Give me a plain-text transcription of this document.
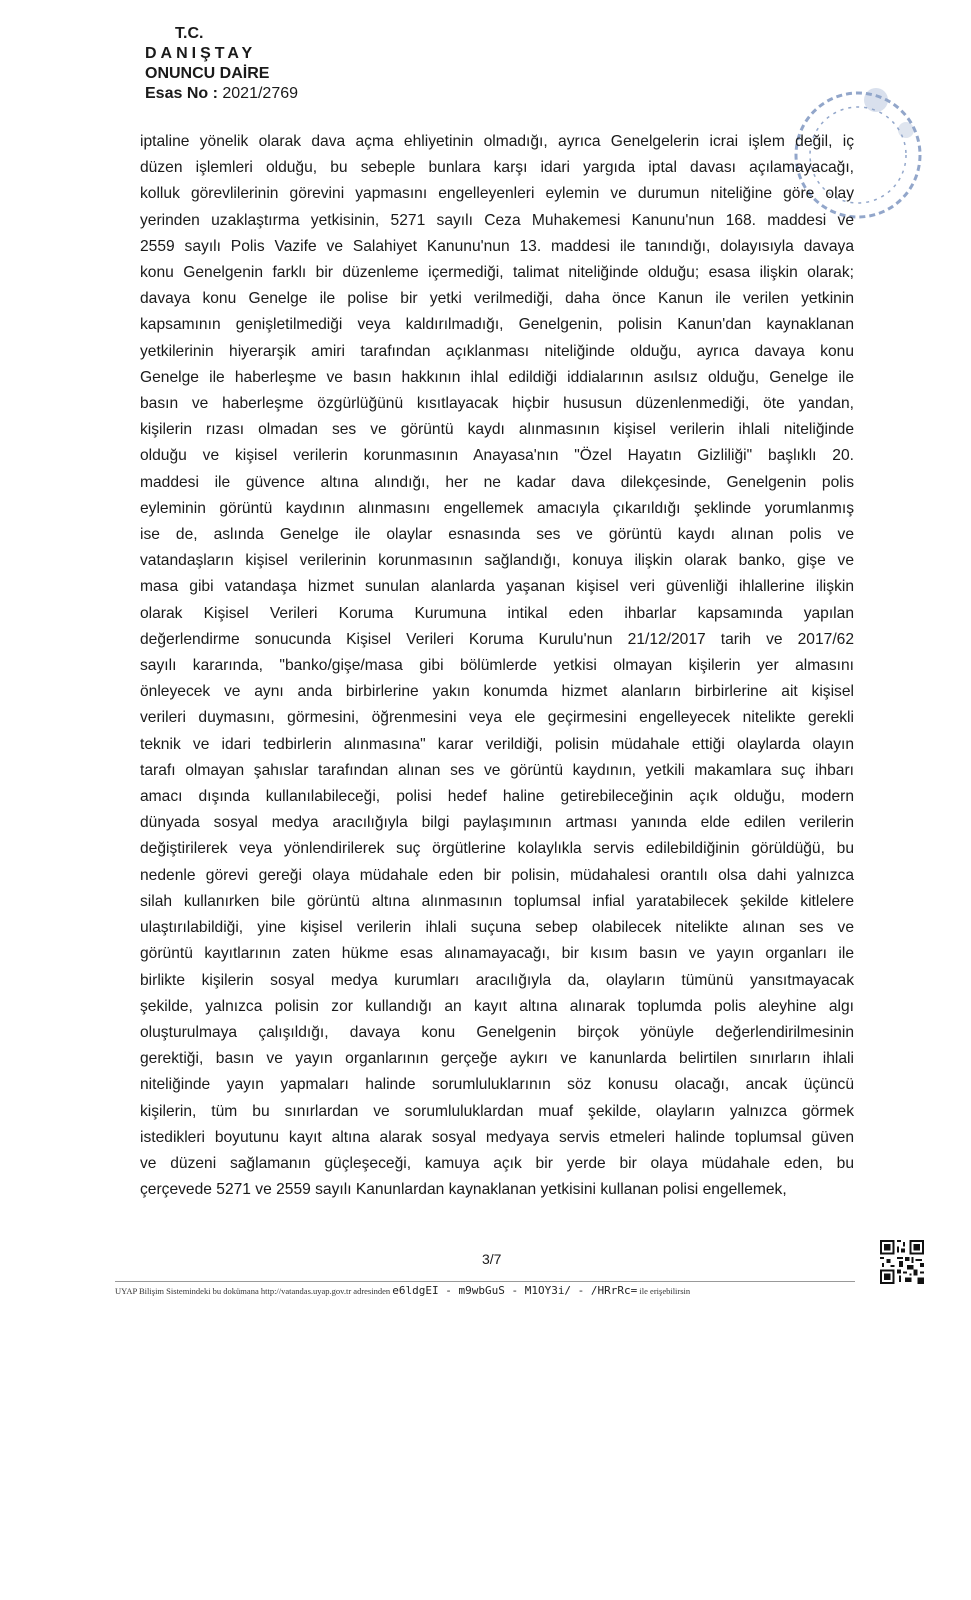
T.C.
DANIŞTAY
ONUNCU DAİRE
Esas No : 2021/2769

iptaline yönelik olarak dava açma ehliyetinin olmadığı, ayrıca Genelgelerin icrai işlem değil, iç

düzen işlemleri olduğu, bu sebeple bunlara karşı idari yargıda iptal davası açılamayacağı,

kolluk görevlilerinin görevini yapmasını engelleyenleri eylemin ve durumun niteliğine göre olay

yerinden uzaklaştırma yetkisinin, 5271 sayılı Ceza Muhakemesi Kanunu'nun 168. maddesi ve

2559 sayılı Polis Vazife ve Salahiyet Kanunu'nun 13. maddesi ile tanındığı, dolayısıyla davaya

konu Genelgenin farklı bir düzenleme içermediği, talimat niteliğinde olduğu; esasa ilişkin olarak;

davaya konu Genelge ile polise bir yetki verilmediği, daha önce Kanun ile verilen yetkinin

kapsamının genişletilmediği veya kaldırılmadığı, Genelgenin, polisin Kanun'dan kaynaklanan

yetkilerinin hiyerarşik amiri tarafından açıklanması niteliğinde olduğu, ayrıca davaya konu

Genelge ile haberleşme ve basın hakkının ihlal edildiği iddialarının asılsız olduğu, Genelge ile

basın ve haberleşme özgürlüğünü kısıtlayacak hiçbir hususun düzenlenmediği, öte yandan,

kişilerin rızası olmadan ses ve görüntü kaydı alınmasının kişisel verilerin ihlali niteliğinde

olduğu ve kişisel verilerin korunmasının Anayasa'nın "Özel Hayatın Gizliliği" başlıklı 20.

maddesi ile güvence altına alındığı, her ne kadar dava dilekçesinde, Genelgenin polis

eyleminin görüntü kaydının alınmasını engellemek amacıyla çıkarıldığı şeklinde yorumlanmış

ise de, aslında Genelge ile olaylar esnasında ses ve görüntü kaydı alınan polis ve

vatandaşların kişisel verilerinin korunmasının sağlandığı, konuya ilişkin olarak banko, gişe ve

masa gibi vatandaşa hizmet sunulan alanlarda yaşanan kişisel veri güvenliği ihlallerine ilişkin

olarak Kişisel Verileri Koruma Kurumuna intikal eden ihbarlar kapsamında yapılan

değerlendirme sonucunda Kişisel Verileri Koruma Kurulu'nun 21/12/2017 tarih ve 2017/62

sayılı kararında, "banko/gişe/masa gibi bölümlerde yetkisi olmayan kişilerin yer almasını

önleyecek ve aynı anda birbirlerine yakın konumda hizmet alanların birbirlerine ait kişisel

verileri duymasını, görmesini, öğrenmesini veya ele geçirmesini engelleyecek nitelikte gerekli

teknik ve idari tedbirlerin alınmasına" karar verildiği, polisin müdahale ettiği olaylarda olayın

tarafı olmayan şahıslar tarafından alınan ses ve görüntü kaydının, yetkili makamlara suç ihbarı

amacı dışında kullanılabileceği, polisi hedef haline getirebileceğinin açık olduğu, modern

dünyada sosyal medya aracılığıyla bilgi paylaşımının artması yanında elde edilen verilerin

değiştirilerek veya yönlendirilerek suç örgütlerine kolaylıkla servis edilebildiğinin görüldüğü, bu

nedenle görevi gereği olaya müdahale eden bir polisin, müdahalesi orantılı olsa dahi yalnızca

silah kullanırken bile görüntü altına alınmasının toplumsal infial yaratabilecek şekilde kitlelere

ulaştırılabildiği, yine kişisel verilerin ihlali suçuna sebep olabilecek nitelikte alınan ses ve

görüntü kayıtlarının zaten hükme esas alınamayacağı, bir kısım basın ve yayın organları ile

birlikte kişilerin sosyal medya kurumları aracılığıyla da, olayların tümünü yansıtmayacak

şekilde, yalnızca polisin zor kullandığı an kayıt altına alınarak toplumda polis aleyhine algı

oluşturulmaya çalışıldığı, davaya konu Genelgenin birçok yönüyle değerlendirilmesinin

gerektiği, basın ve yayın organlarının gerçeğe aykırı ve kanunlarda belirtilen sınırların ihlali

niteliğinde yayın yapmaları halinde sorumluluklarının söz konusu olacağı, ancak üçüncü

kişilerin, tüm bu sınırlardan ve sorumluluklardan muaf şekilde, olayların yalnızca görmek

istedikleri boyutunu kayıt altına alarak sosyal medyaya servis etmeleri halinde toplumsal güven

ve düzeni sağlamanın güçleşeceği, kamuya açık bir yerde bir olaya müdahale eden, bu

çerçevede 5271 ve 2559 sayılı Kanunlardan kaynaklanan yetkisini kullanan polisi engellemek,

3/7
UYAP Bilişim Sistemindeki bu dokümana http://vatandas.uyap.gov.tr adresinden e6ldgEI - m9wbGuS - M1OY3i/ - /HRrRc= ile erişebilirsin
